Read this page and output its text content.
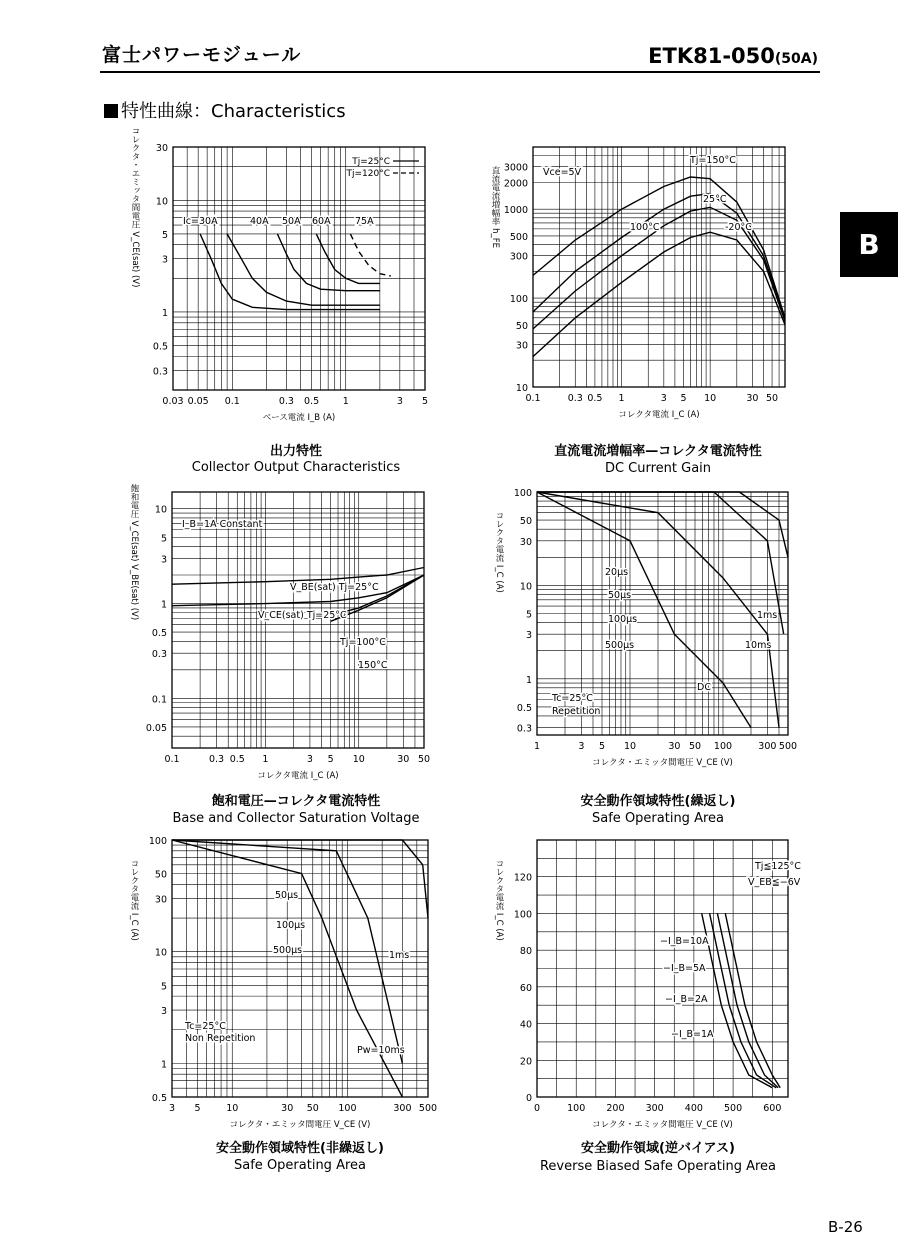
富士パワーモジュール	ETK81-050(50A)
特性曲線：Characteristics
B
B-26
0.03 0.05 0.1	0.3 0.5 1	3 5
30
10
5
3
1
0.5
0.3
ベース電流 I_B (A)
コレクタ・エミッタ間電圧 V_CE(sat) (V)	Tj=25°C
Tj=120°C
Ic=30A	40A 50A 60A	75A
0.1	0.3 0.5 1	3 5 10	30 50
3000
2000
1000
500
300
100
50
30
10
コレクタ電流 I_C (A)
直流電流増幅率 h_FE	Vce=5V
Tj=150°C
25°C
100°C	-20°C
0.1	0.3 0.5 1	3 5 10	30 50
10
5
3
1
0.5
0.3
0.1
0.05
コレクタ電流 I_C (A)
飽和電圧 V_CE(sat) V_BE(sat) (V)	I_B=1A Constant
V_BE(sat) Tj=25°C
V_CE(sat) Tj=25°C
Tj=100°C
150°C
1	3 5 10	30 50 100	300 500
100
50
30
10
5
3
1
0.5
0.3
コレクタ・エミッタ間電圧 V_CE (V)
コレクタ電流 I_C (A)	20μs
50μs
100μs
500μs
1ms
10ms
DC
Tc=25°C
Repetition
3 5	10	30 50 100	300 500
100
50
30
10
5
3
1
0.5
コレクタ・エミッタ間電圧 V_CE (V)
コレクタ電流 I_C (A)	50μs
100μs
500μs	1ms
Pw=10ms
Tc=25°C
Non Repetition
0	100 200 300 400 500 600
120
100
80
60
40
20
0
コレクタ・エミッタ間電圧 V_CE (V)
コレクタ電流 I_C (A)	Tj≦125°C
V_EB≦−6V
−I_B=10A
−I_B=5A
−I_B=2A
−I_B=1A
出力特性
Collector Output Characteristics
直流電流増幅率—コレクタ電流特性
DC Current Gain
飽和電圧—コレクタ電流特性
Base and Collector Saturation Voltage
安全動作領域特性(繰返し)
Safe Operating Area
安全動作領域特性(非繰返し)
Safe Operating Area
安全動作領域(逆バイアス)
Reverse Biased Safe Operating Area
